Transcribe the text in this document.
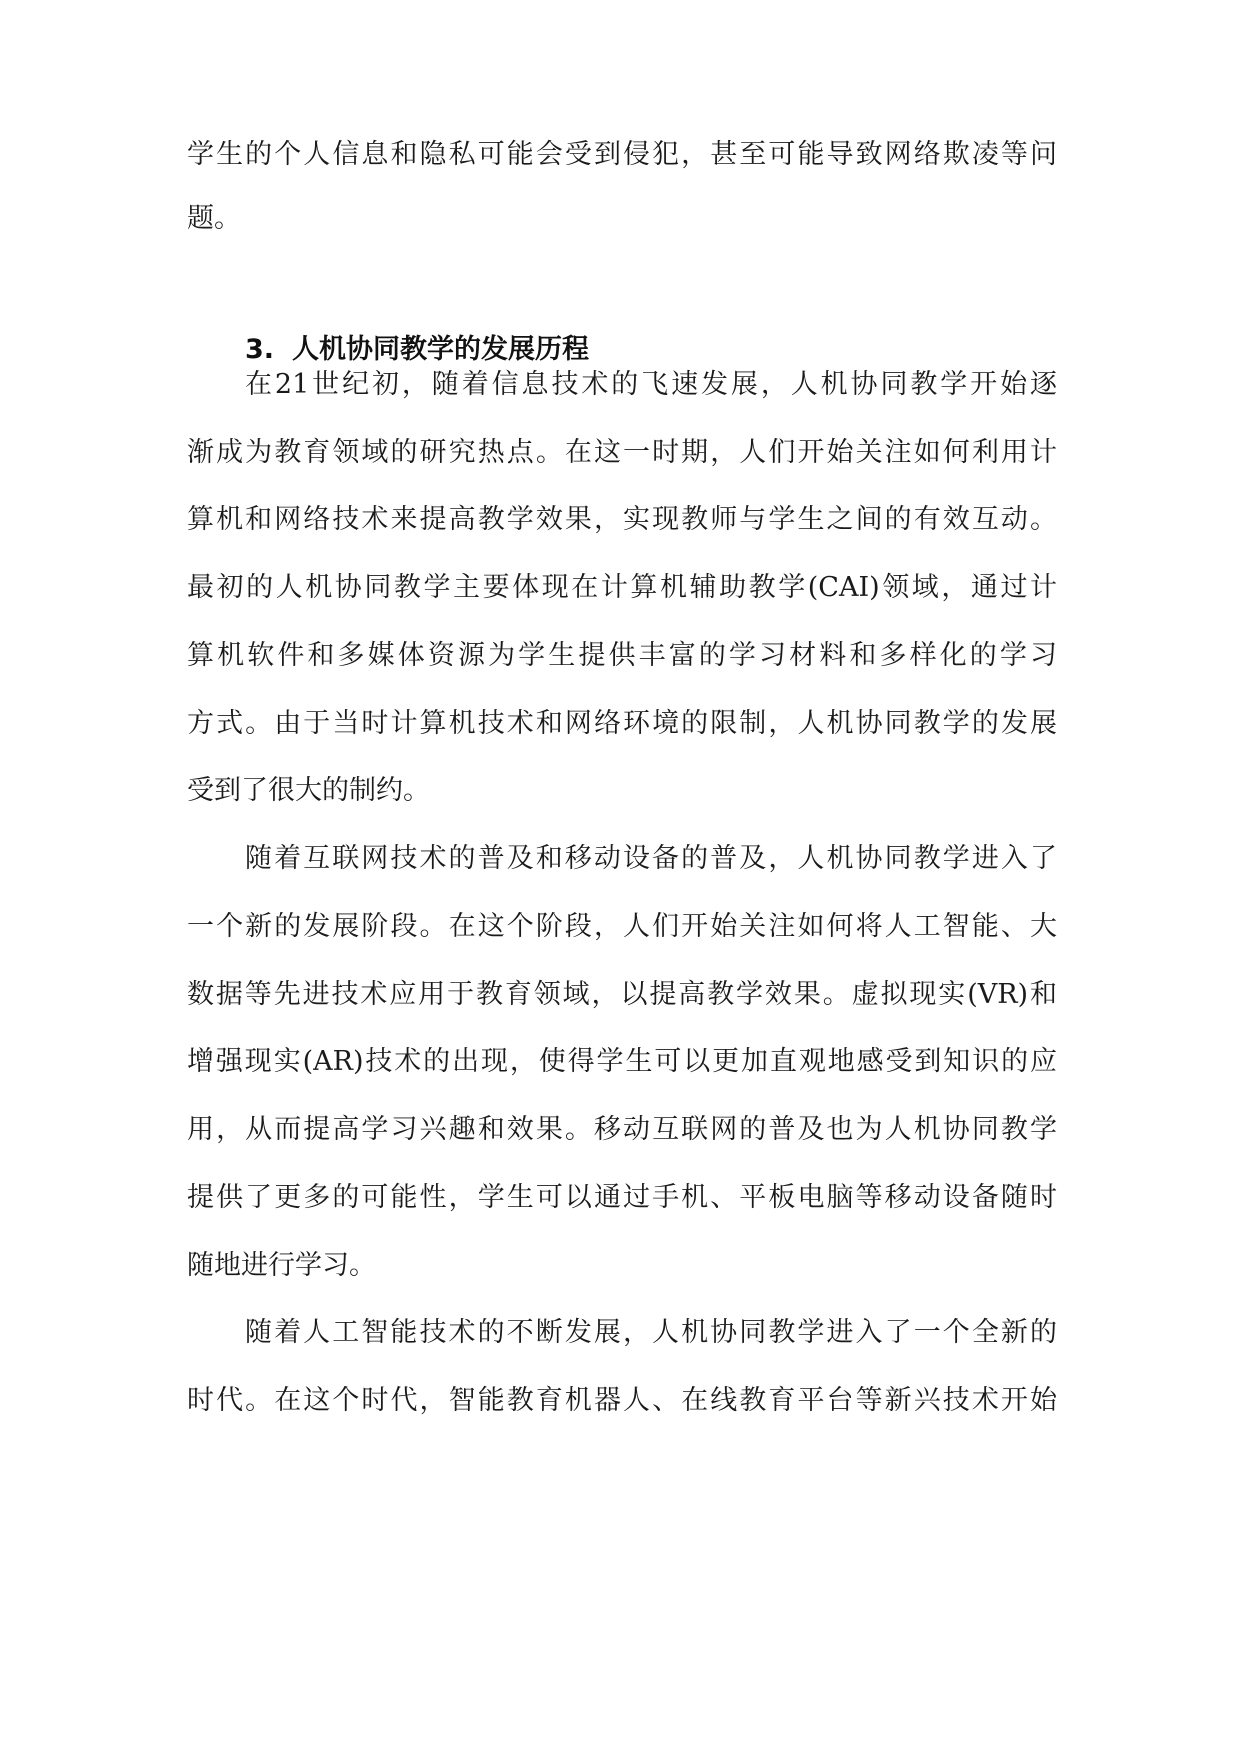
学生的个人信息和隐私可能会受到侵犯，甚至可能导致网络欺凌等问

题。

3. 人机协同教学的发展历程

在21世纪初，随着信息技术的飞速发展，人机协同教学开始逐

渐成为教育领域的研究热点。在这一时期，人们开始关注如何利用计

算机和网络技术来提高教学效果，实现教师与学生之间的有效互动。

最初的人机协同教学主要体现在计算机辅助教学(CAI)领域，通过计

算机软件和多媒体资源为学生提供丰富的学习材料和多样化的学习

方式。由于当时计算机技术和网络环境的限制，人机协同教学的发展

受到了很大的制约。

随着互联网技术的普及和移动设备的普及，人机协同教学进入了

一个新的发展阶段。在这个阶段，人们开始关注如何将人工智能、大

数据等先进技术应用于教育领域，以提高教学效果。虚拟现实(VR)和

增强现实(AR)技术的出现，使得学生可以更加直观地感受到知识的应

用，从而提高学习兴趣和效果。移动互联网的普及也为人机协同教学

提供了更多的可能性，学生可以通过手机、平板电脑等移动设备随时

随地进行学习。

随着人工智能技术的不断发展，人机协同教学进入了一个全新的

时代。在这个时代，智能教育机器人、在线教育平台等新兴技术开始
